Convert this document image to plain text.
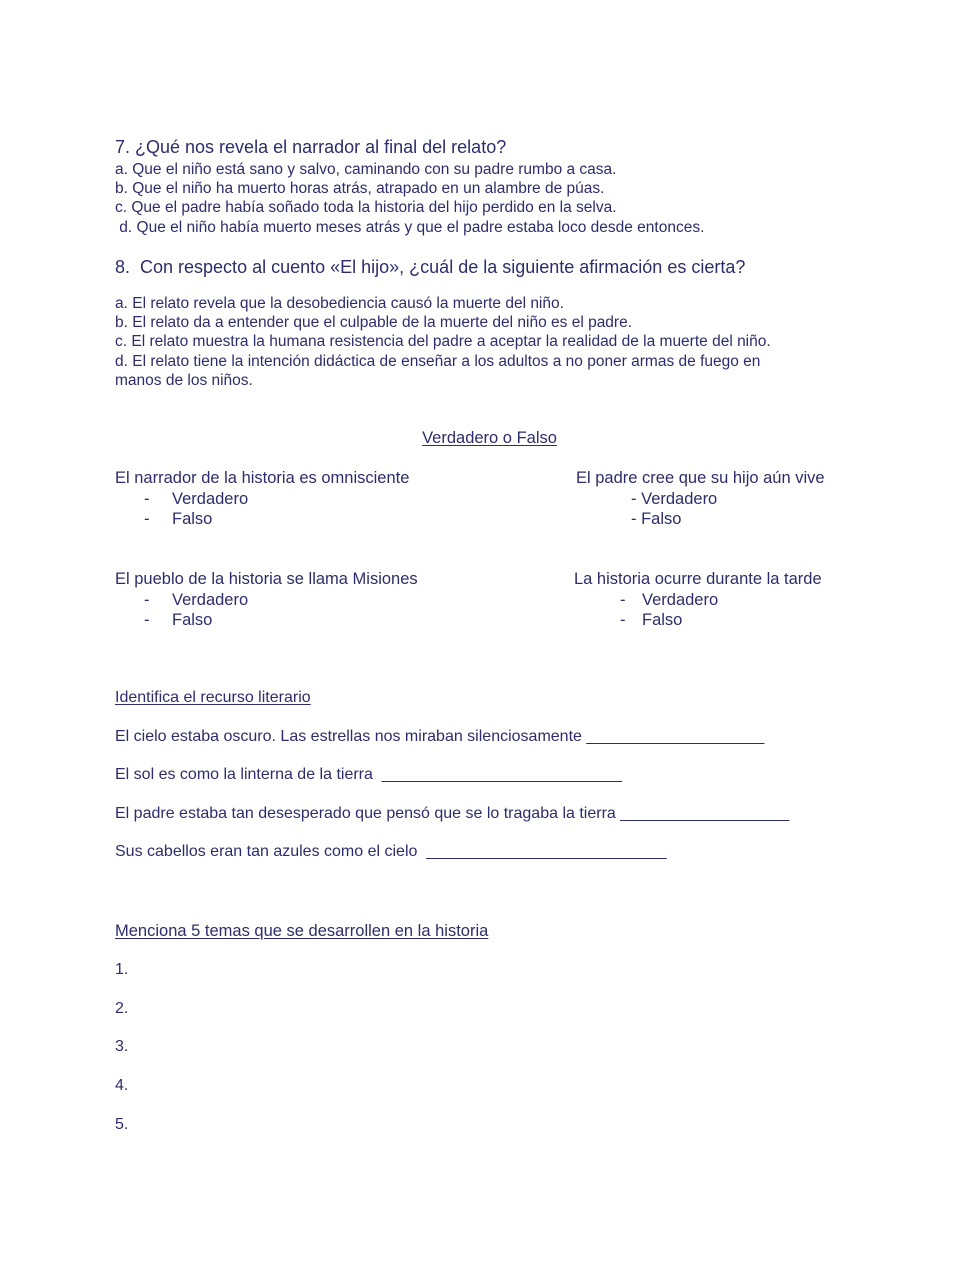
7. ¿Qué nos revela el narrador al final del relato?
a. Que el niño está sano y salvo, caminando con su padre rumbo a casa.
b. Que el niño ha muerto horas atrás, atrapado en un alambre de púas.
c. Que el padre había soñado toda la historia del hijo perdido en la selva.
d. Que el niño había muerto meses atrás y que el padre estaba loco desde entonces.
8.  Con respecto al cuento «El hijo», ¿cuál de la siguiente afirmación es cierta?
a. El relato revela que la desobediencia causó la muerte del niño.
b. El relato da a entender que el culpable de la muerte del niño es el padre.
c. El relato muestra la humana resistencia del padre a aceptar la realidad de la muerte del niño.
d. El relato tiene la intención didáctica de enseñar a los adultos a no poner armas de fuego en
manos de los niños.
Verdadero o Falso
El narrador de la historia es omnisciente
- Verdadero
- Falso
El padre cree que su hijo aún vive
- Verdadero
- Falso
El pueblo de la historia se llama Misiones
- Verdadero
- Falso
La historia ocurre durante la tarde
- Verdadero
- Falso
Identifica el recurso literario
El cielo estaba oscuro. Las estrellas nos miraban silenciosamente ____________________
El sol es como la linterna de la tierra  ___________________________
El padre estaba tan desesperado que pensó que se lo tragaba la tierra ___________________
Sus cabellos eran tan azules como el cielo  ___________________________
Menciona 5 temas que se desarrollen en la historia
1.
2.
3.
4.
5.
